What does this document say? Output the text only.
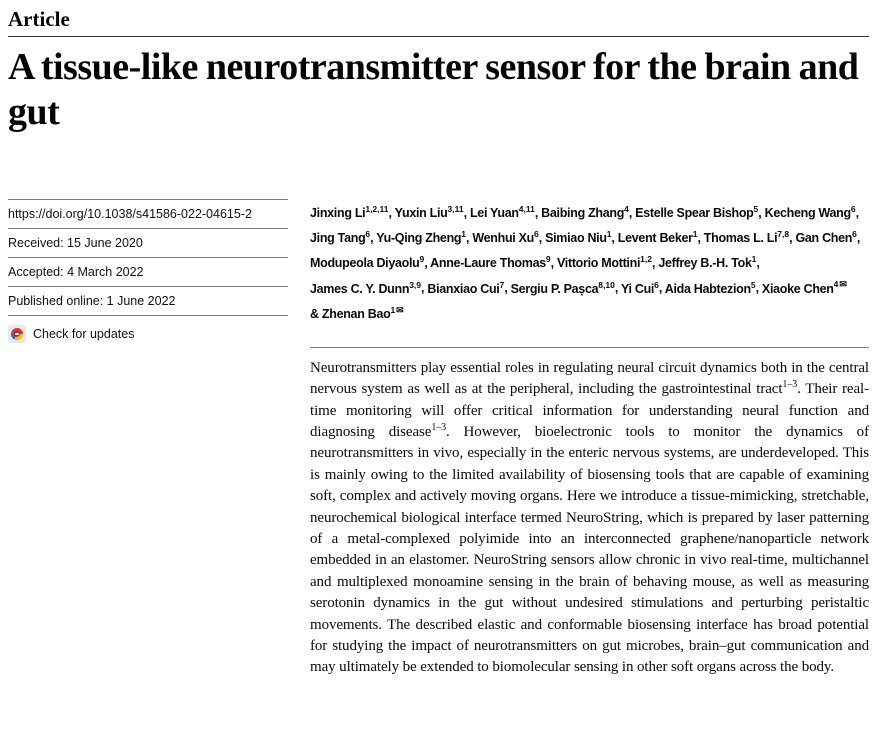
Article
A tissue-like neurotransmitter sensor for the brain and gut
https://doi.org/10.1038/s41586-022-04615-2
Received: 15 June 2020
Accepted: 4 March 2022
Published online: 1 June 2022
Check for updates

Jinxing Li$^{1,2,11}$, Yuxin Liu$^{3,11}$, Lei Yuan$^{4,11}$, Baibing Zhang$^4$, Estelle Spear Bishop$^5$, Kecheng Wang$^6$, Jing Tang$^6$, Yu-Qing Zheng$^1$, Wenhui Xu$^6$, Simiao Niu$^1$, Levent Beker$^1$, Thomas L. Li$^{7,8}$, Gan Chen$^6$, Modupeola Diyaolu$^9$, Anne-Laure Thomas$^9$, Vittorio Mottini$^{1,2}$, Jeffrey B.-H. Tok$^1$, James C. Y. Dunn$^{3,9}$, Bianxiao Cui$^7$, Sergiu P. Pașca$^{8,10}$, Yi Cui$^6$, Aida Habtezion$^5$, Xiaoke Chen$^{4✉}$ & Zhenan Bao$^{1✉}$

Neurotransmitters play essential roles in regulating neural circuit dynamics both in the central nervous system as well as at the peripheral, including the gastrointestinal tract$^{1-3}$. Their real-time monitoring will offer critical information for understanding neural function and diagnosing disease$^{1-3}$. However, bioelectronic tools to monitor the dynamics of neurotransmitters in vivo, especially in the enteric nervous systems, are underdeveloped. This is mainly owing to the limited availability of biosensing tools that are capable of examining soft, complex and actively moving organs. Here we introduce a tissue-mimicking, stretchable, neurochemical biological interface termed NeuroString, which is prepared by laser patterning of a metal-complexed polyimide into an interconnected graphene/nanoparticle network embedded in an elastomer. NeuroString sensors allow chronic in vivo real-time, multichannel and multiplexed monoamine sensing in the brain of behaving mouse, as well as measuring serotonin dynamics in the gut without undesired stimulations and perturbing peristaltic movements. The described elastic and conformable biosensing interface has broad potential for studying the impact of neurotransmitters on gut microbes, brain–gut communication and may ultimately be extended to biomolecular sensing in other soft organs across the body.
